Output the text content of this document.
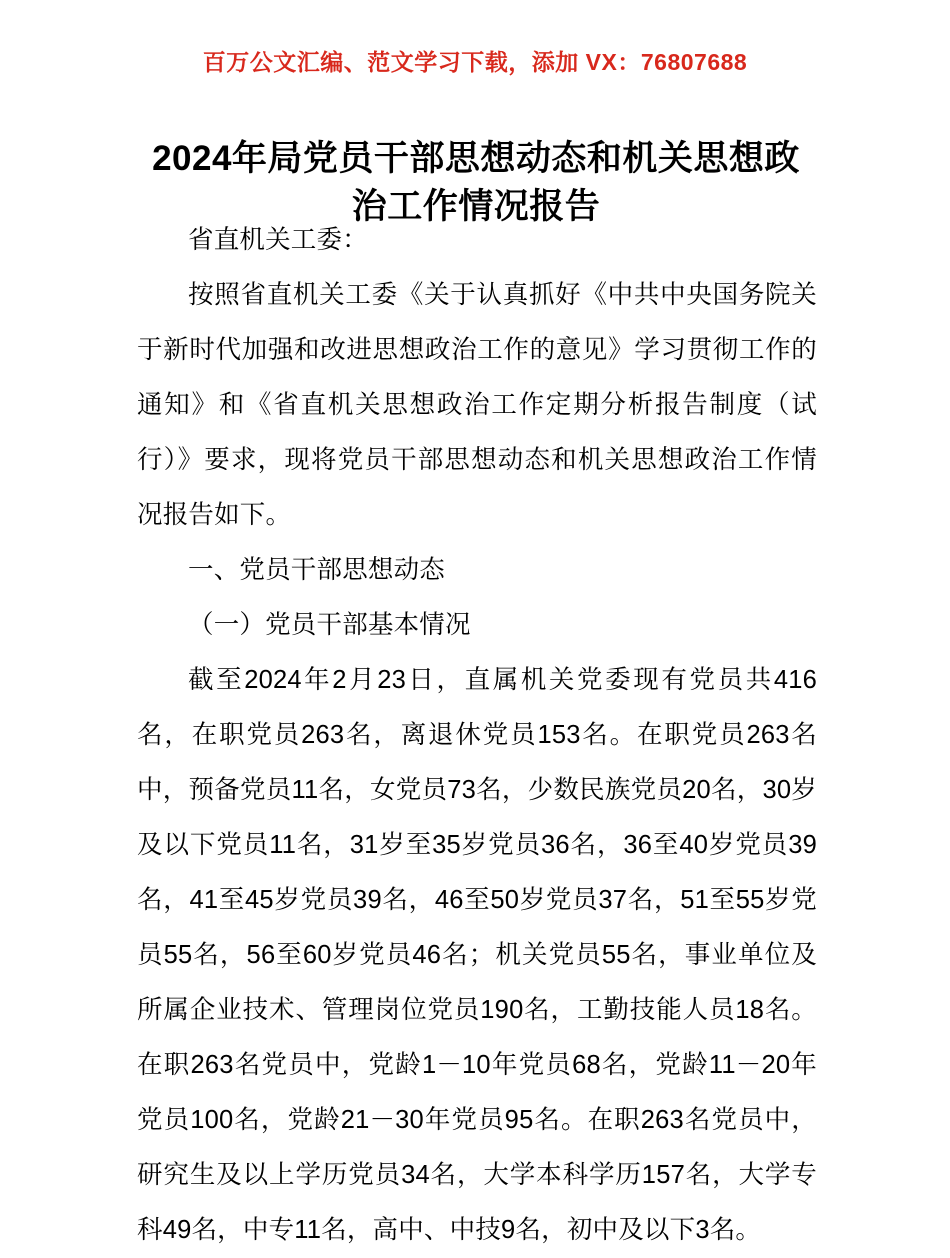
百万公文汇编、范文学习下载，添加 VX：76807688
2024年局党员干部思想动态和机关思想政治工作情况报告

省直机关工委：

按照省直机关工委《关于认真抓好《中共中央国务院关于新时代加强和改进思想政治工作的意见》学习贯彻工作的通知》和《省直机关思想政治工作定期分析报告制度（试行）》要求，现将党员干部思想动态和机关思想政治工作情况报告如下。

一、党员干部思想动态

（一）党员干部基本情况

截至2024年2月23日，直属机关党委现有党员共416名，在职党员263名，离退休党员153名。在职党员263名中，预备党员11名，女党员73名，少数民族党员20名，30岁及以下党员11名，31岁至35岁党员36名，36至40岁党员39名，41至45岁党员39名，46至50岁党员37名，51至55岁党员55名，56至60岁党员46名；机关党员55名，事业单位及所属企业技术、管理岗位党员190名，工勤技能人员18名。在职263名党员中，党龄1－10年党员68名，党龄11－20年党员100名，党龄21－30年党员95名。在职263名党员中，研究生及以上学历党员34名，大学本科学历157名，大学专科49名，中专11名，高中、中技9名，初中及以下3名。
